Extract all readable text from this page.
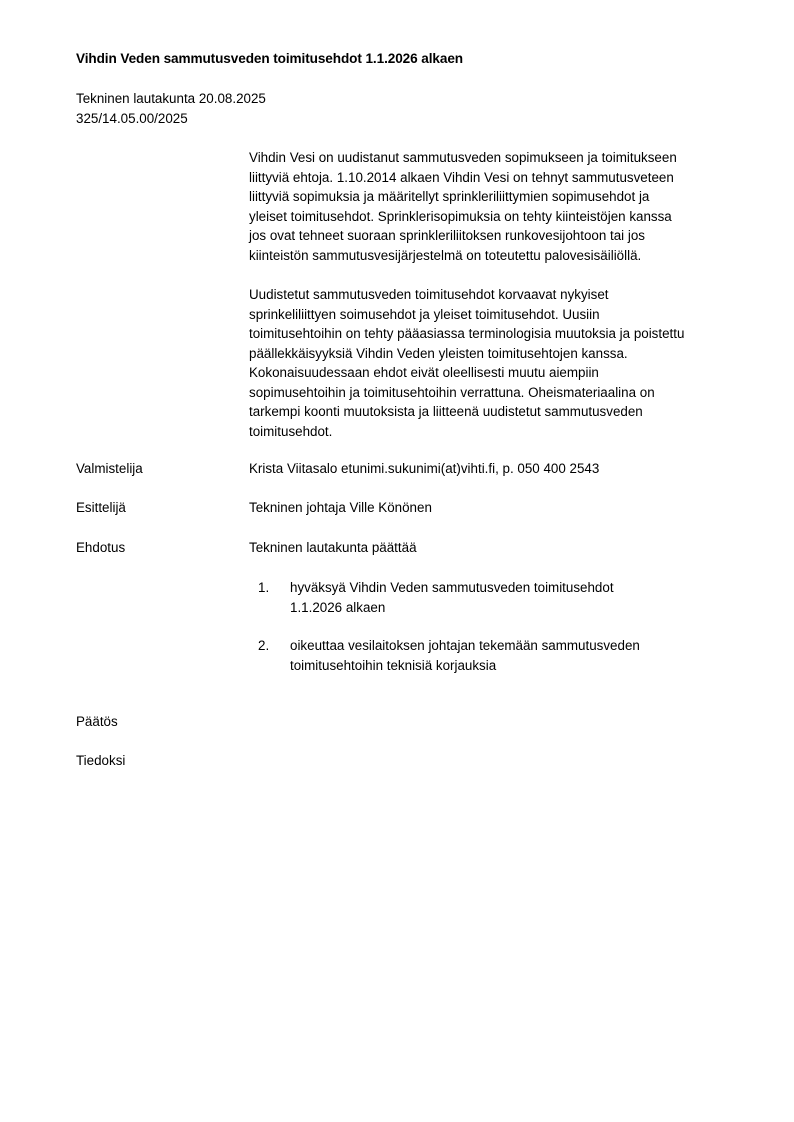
Vihdin Veden sammutusveden toimitusehdot 1.1.2026 alkaen
Tekninen lautakunta 20.08.2025
325/14.05.00/2025
Vihdin Vesi on uudistanut sammutusveden sopimukseen ja toimitukseen
liittyviä ehtoja. 1.10.2014 alkaen Vihdin Vesi on tehnyt sammutusveteen
liittyviä sopimuksia ja määritellyt sprinkleriliittymien sopimusehdot ja
yleiset toimitusehdot. Sprinklerisopimuksia on tehty kiinteistöjen kanssa
jos ovat tehneet suoraan sprinkleriliitoksen runkovesijohtoon tai jos
kiinteistön sammutusvesijärjestelmä on toteutettu palovesisäiliöllä.
Uudistetut sammutusveden toimitusehdot korvaavat nykyiset
sprinkeliliittyen soimusehdot ja yleiset toimitusehdot. Uusiin
toimitusehtoihin on tehty pääasiassa terminologisia muutoksia ja poistettu
päällekkäisyyksiä Vihdin Veden yleisten toimitusehtojen kanssa.
Kokonaisuudessaan ehdot eivät oleellisesti muutu aiempiin
sopimusehtoihin ja toimitusehtoihin verrattuna. Oheismateriaalina on
tarkempi koonti muutoksista ja liitteenä uudistetut sammutusveden
toimitusehdot.
Valmistelija	Krista Viitasalo etunimi.sukunimi(at)vihti.fi, p. 050 400 2543
Esittelijä	Tekninen johtaja Ville Könönen
Ehdotus	Tekninen lautakunta päättää
1. hyväksyä Vihdin Veden sammutusveden toimitusehdot
1.1.2026 alkaen
2. oikeuttaa vesilaitoksen johtajan tekemään sammutusveden
toimitusehtoihin teknisiä korjauksia
Päätös
Tiedoksi
